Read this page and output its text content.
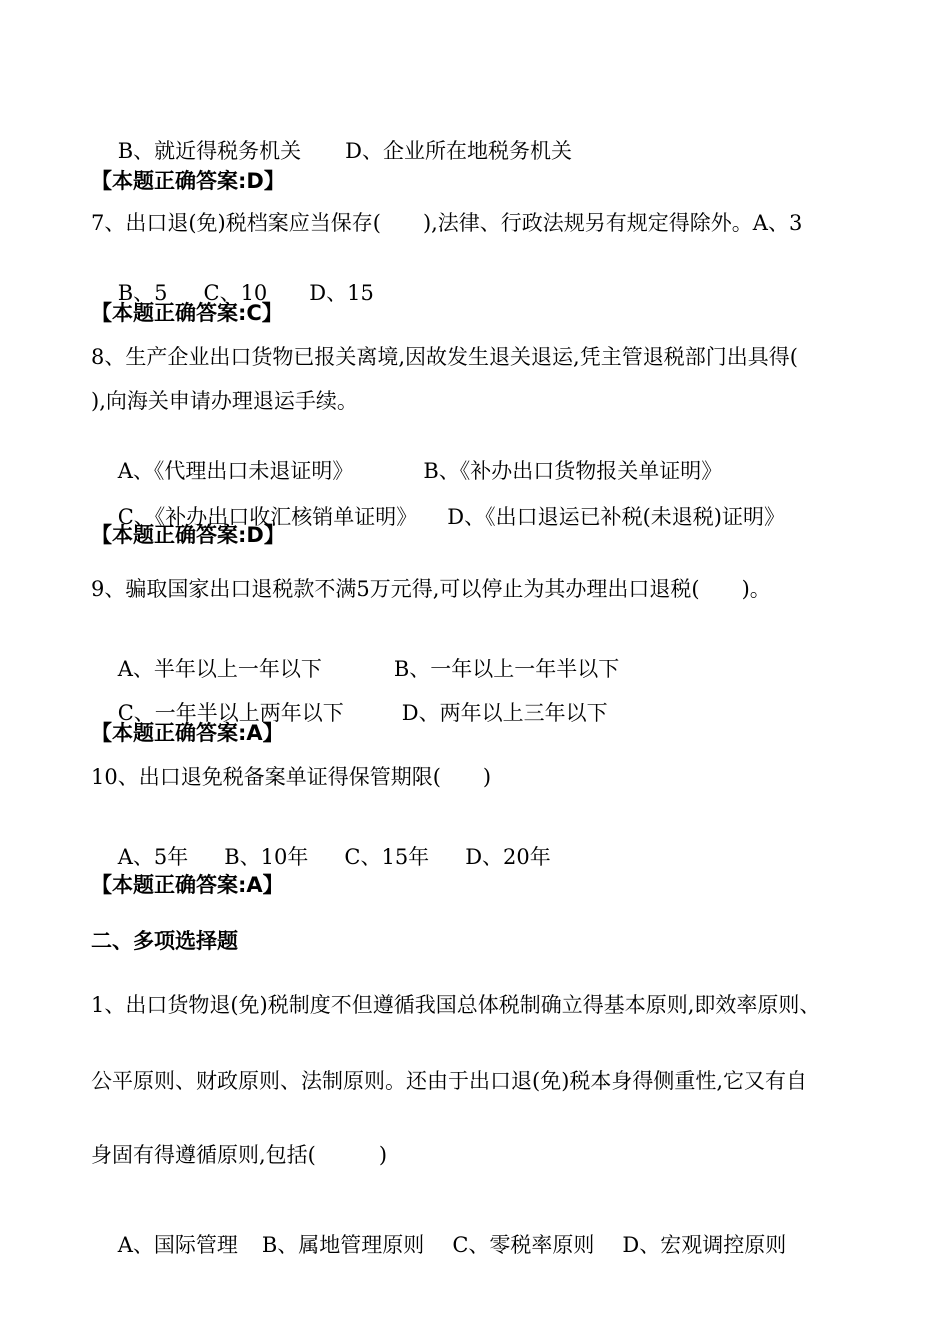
B、就近得税务机关 D、企业所在地税务机关

【本题正确答案:D】
7、出口退(免)税档案应当保存(　　),法律、行政法规另有规定得除外。A、3

B、5 C、10 D、15

【本题正确答案:C】
8、生产企业出口货物已报关离境,因故发生退关退运,凭主管退税部门出具得(
),向海关申请办理退运手续。

A、《代理出口未退证明》	B、《补办出口货物报关单证明》

C、《补办出口收汇核销单证明》 D、《出口退运已补税(未退税)证明》

【本题正确答案:D】
9、骗取国家出口退税款不满5万元得,可以停止为其办理出口退税(　　)。

A、半年以上一年以下	B、一年以上一年半以下

C、一年半以上两年以下	D、两年以上三年以下

【本题正确答案:A】
10、出口退免税备案单证得保管期限(　　)

A、5年 B、10年 C、15年 D、20年

【本题正确答案:A】
二、多项选择题
1、出口货物退(免)税制度不但遵循我国总体税制确立得基本原则,即效率原则、
公平原则、财政原则、法制原则。还由于出口退(免)税本身得侧重性,它又有自
身固有得遵循原则,包括(　　　)

A、国际管理 B、属地管理原则 C、零税率原则 D、宏观调控原则
